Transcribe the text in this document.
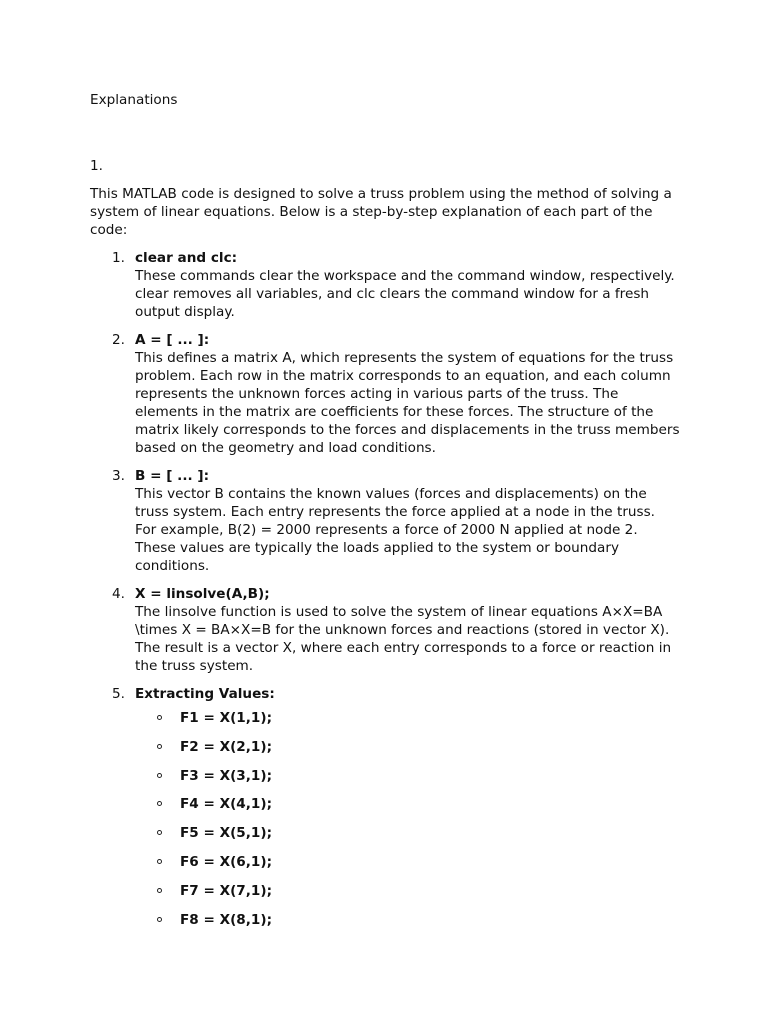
Explanations

1.

This MATLAB code is designed to solve a truss problem using the method of solving a system of linear equations. Below is a step-by-step explanation of each part of the code:

1. clear and clc:
These commands clear the workspace and the command window, respectively. clear removes all variables, and clc clears the command window for a fresh output display.
2. A = [ ... ]:
This defines a matrix A, which represents the system of equations for the truss problem. Each row in the matrix corresponds to an equation, and each column represents the unknown forces acting in various parts of the truss. The elements in the matrix are coefficients for these forces. The structure of the matrix likely corresponds to the forces and displacements in the truss members based on the geometry and load conditions.
3. B = [ ... ]:
This vector B contains the known values (forces and displacements) on the truss system. Each entry represents the force applied at a node in the truss. For example, B(2) = 2000 represents a force of 2000 N applied at node 2. These values are typically the loads applied to the system or boundary conditions.
4. X = linsolve(A,B);
The linsolve function is used to solve the system of linear equations A×X=BA \times X = BA×X=B for the unknown forces and reactions (stored in vector X). The result is a vector X, where each entry corresponds to a force or reaction in the truss system.
5. Extracting Values:
F1 = X(1,1);
F2 = X(2,1);
F3 = X(3,1);
F4 = X(4,1);
F5 = X(5,1);
F6 = X(6,1);
F7 = X(7,1);
F8 = X(8,1);
